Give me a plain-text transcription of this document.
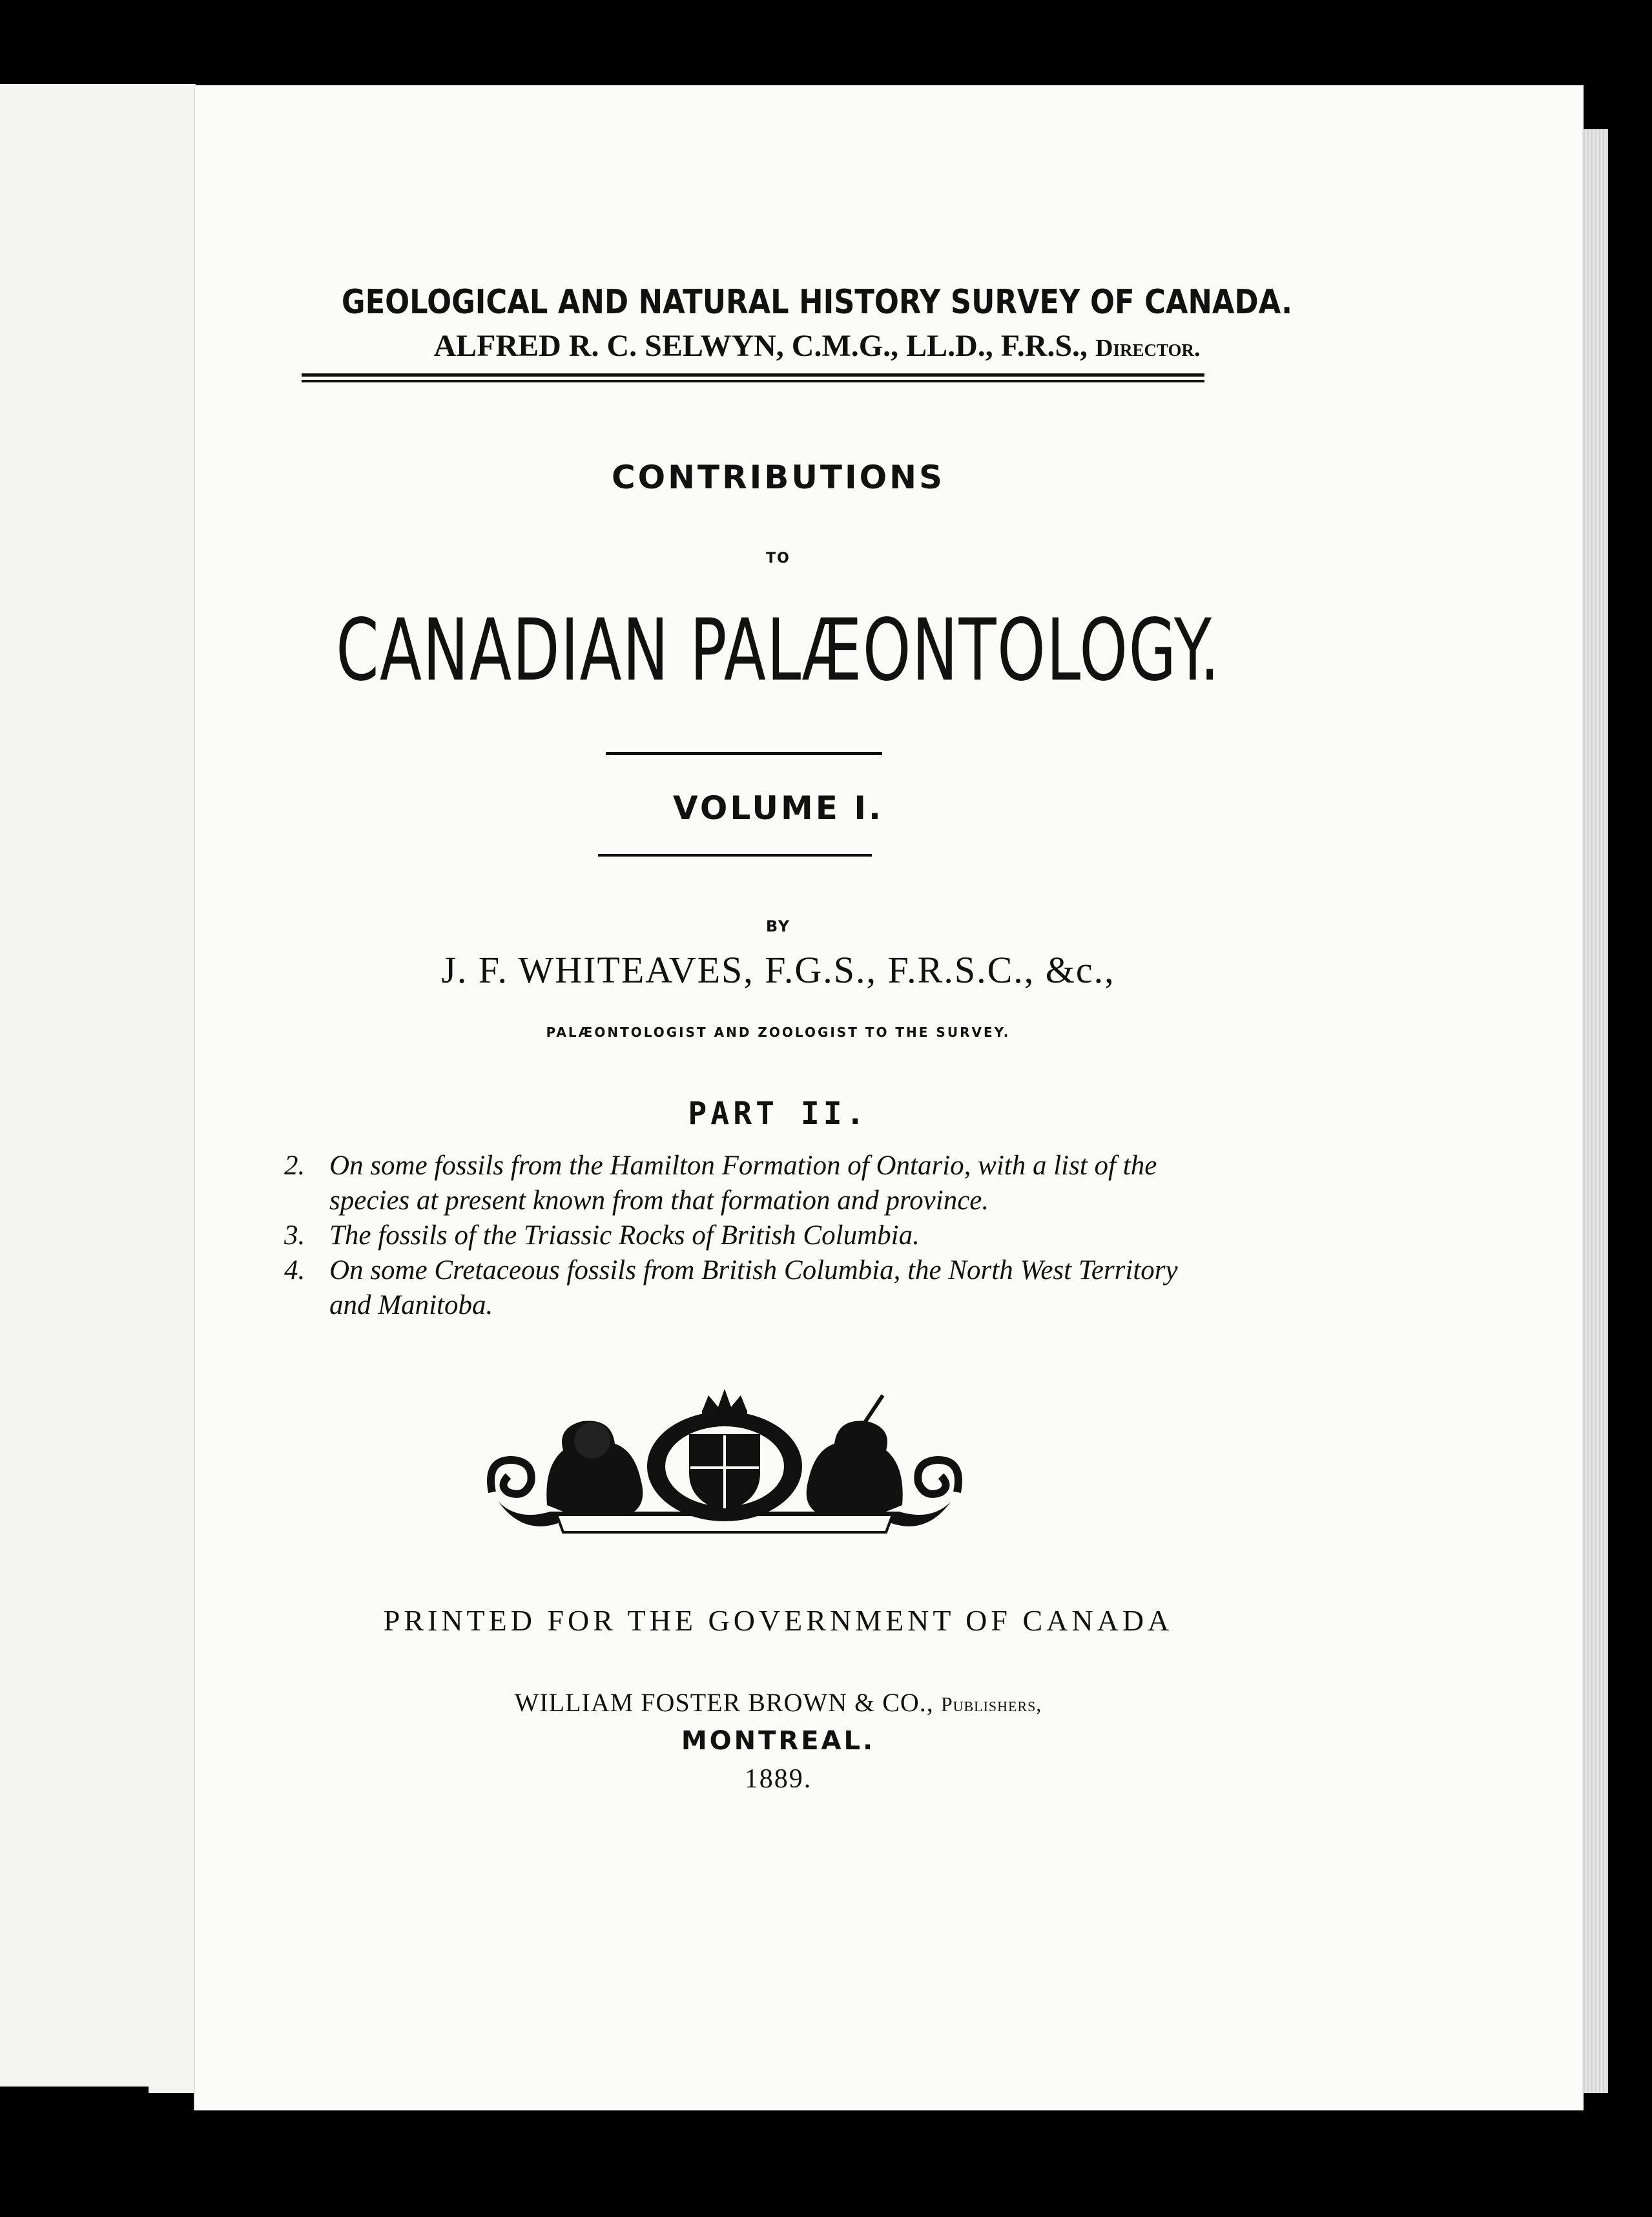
GEOLOGICAL AND NATURAL HISTORY SURVEY OF CANADA.
ALFRED R. C. SELWYN, C.M.G., LL.D., F.R.S., Director.
CONTRIBUTIONS
TO
CANADIAN PALÆONTOLOGY.
VOLUME I.
BY
J. F. WHITEAVES, F.G.S., F.R.S.C., &c.,
PALÆONTOLOGIST AND ZOOLOGIST TO THE SURVEY.
PART II.
2. On some fossils from the Hamilton Formation of Ontario, with a list of the species at present known from that formation and province.
3. The fossils of the Triassic Rocks of British Columbia.
4. On some Cretaceous fossils from British Columbia, the North West Territory and Manitoba.
PRINTED FOR THE GOVERNMENT OF CANADA
WILLIAM FOSTER BROWN & CO., Publishers,
MONTREAL.
1889.
